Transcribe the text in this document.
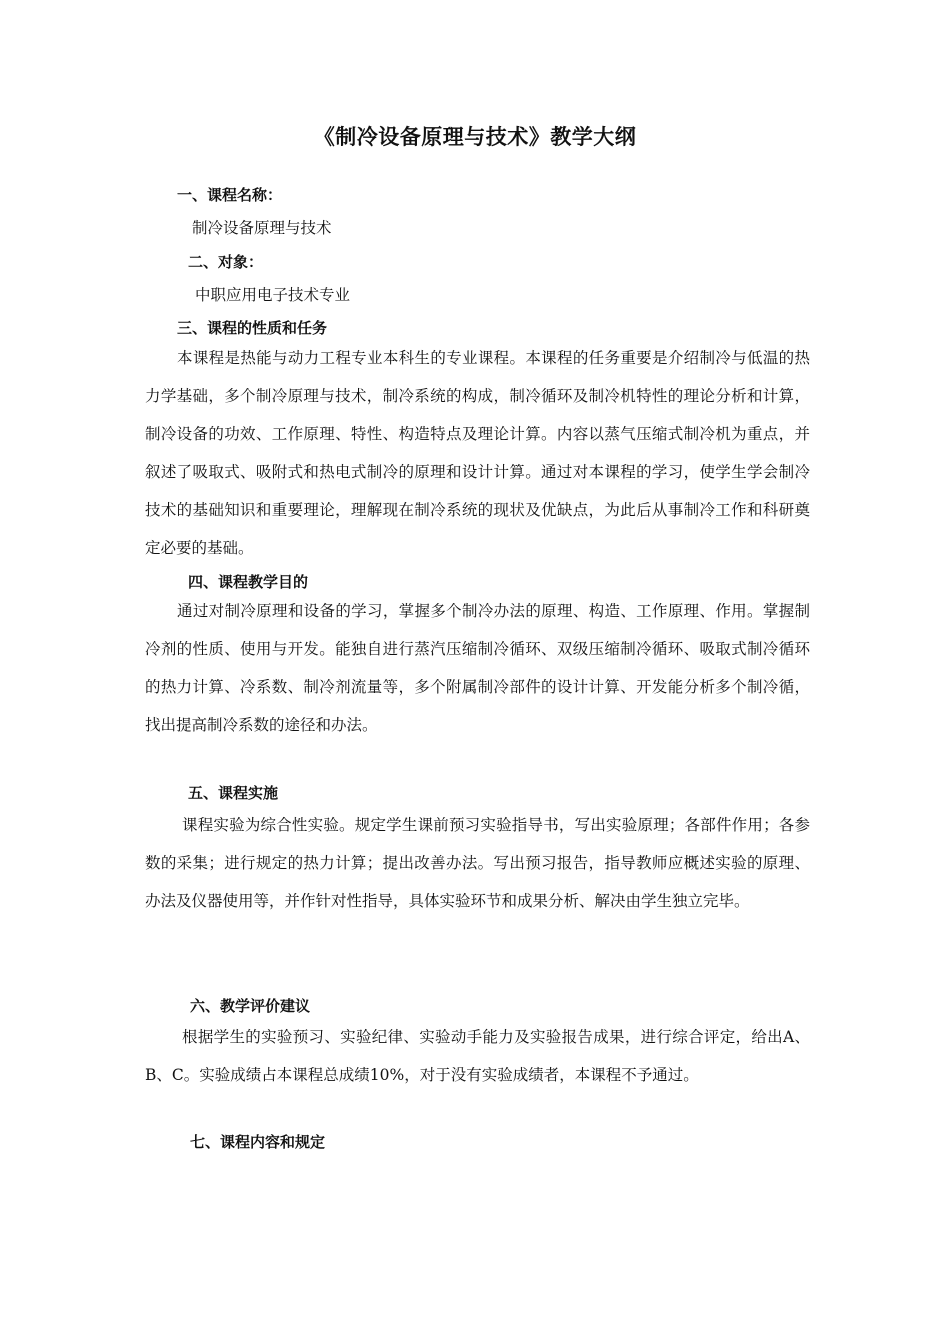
《制冷设备原理与技术》教学大纲
一、课程名称：
制冷设备原理与技术
二、对象：
中职应用电子技术专业
三、课程的性质和任务

本课程是热能与动力工程专业本科生的专业课程。本课程的任务重要是介绍制冷与低温的热力学基础，多个制冷原理与技术，制冷系统的构成，制冷循环及制冷机特性的理论分析和计算，制冷设备的功效、工作原理、特性、构造特点及理论计算。内容以蒸气压缩式制冷机为重点，并叙述了吸取式、吸附式和热电式制冷的原理和设计计算。通过对本课程的学习，使学生学会制冷技术的基础知识和重要理论，理解现在制冷系统的现状及优缺点，为此后从事制冷工作和科研奠定必要的基础。

四、课程教学目的

通过对制冷原理和设备的学习，掌握多个制冷办法的原理、构造、工作原理、作用。掌握制冷剂的性质、使用与开发。能独自进行蒸汽压缩制冷循环、双级压缩制冷循环、吸取式制冷循环的热力计算、冷系数、制冷剂流量等，多个附属制冷部件的设计计算、开发能分析多个制冷循，找出提高制冷系数的途径和办法。

五、课程实施

课程实验为综合性实验。规定学生课前预习实验指导书，写出实验原理；各部件作用；各参数的采集；进行规定的热力计算；提出改善办法。写出预习报告，指导教师应概述实验的原理、办法及仪器使用等，并作针对性指导，具体实验环节和成果分析、解决由学生独立完毕。

六、教学评价建议

根据学生的实验预习、实验纪律、实验动手能力及实验报告成果，进行综合评定，给出A、B、C。实验成绩占本课程总成绩10%，对于没有实验成绩者，本课程不予通过。

七、课程内容和规定
